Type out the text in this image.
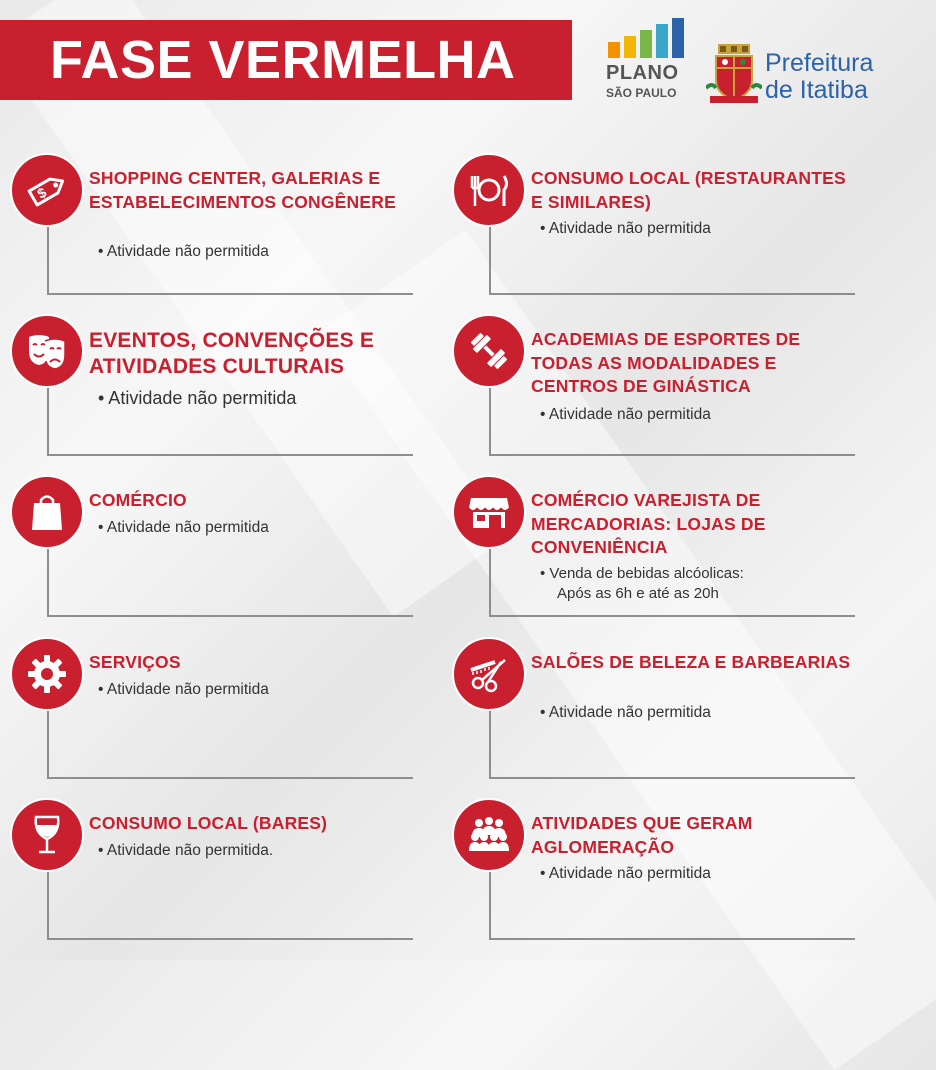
FASE VERMELHA	PLANO
SÃO PAULO
Prefeitura
de Itatiba
$
SHOPPING CENTER, GALERIAS E ESTABELECIMENTOS CONGÊNERE
• Atividade não permitida
CONSUMO LOCAL (RESTAURANTES E SIMILARES)
• Atividade não permitida
EVENTOS, CONVENÇÕES E ATIVIDADES CULTURAIS
• Atividade não permitida
ACADEMIAS DE ESPORTES DE TODAS AS MODALIDADES E CENTROS DE GINÁSTICA
• Atividade não permitida
COMÉRCIO
• Atividade não permitida
COMÉRCIO VAREJISTA DE MERCADORIAS: LOJAS DE CONVENIÊNCIA
• Venda de bebidas alcóolicas:
Após as 6h e até as 20h
SERVIÇOS
• Atividade não permitida
SALÕES DE BELEZA E BARBEARIAS
• Atividade não permitida
CONSUMO LOCAL (BARES)
• Atividade não permitida.
ATIVIDADES QUE GERAM AGLOMERAÇÃO
• Atividade não permitida
